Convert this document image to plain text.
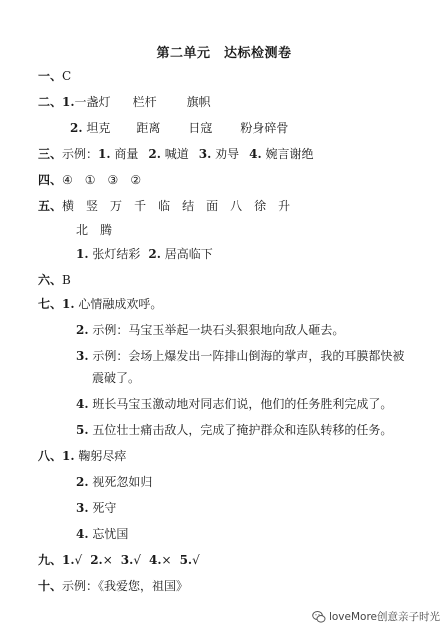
第二单元　达标检测卷
一、C
二、1.一盏灯 栏杆	旗帜
2. 坦克 距离 日寇 粉身碎骨
三、示例：1. 商量 2. 喊道 3. 劝导 4. 婉言谢绝
四、④ ① ③ ②
五、横 竖 万 千 临 结 面 八 徐 升
北 腾
1. 张灯结彩 2. 居高临下
六、B
七、1. 心情融成欢呼。
2. 示例：马宝玉举起一块石头狠狠地向敌人砸去。
3. 示例：会场上爆发出一阵排山倒海的掌声，我的耳膜都快被
震破了。
4. 班长马宝玉激动地对同志们说，他们的任务胜利完成了。
5. 五位壮士痛击敌人，完成了掩护群众和连队转移的任务。
八、1. 鞠躬尽瘁
2. 视死忽如归
3. 死守
4. 忘忧国
九、1.√ 2.× 3.√ 4.× 5.√
十、示例：《我爱您，祖国》
loveMore创意亲子时光
